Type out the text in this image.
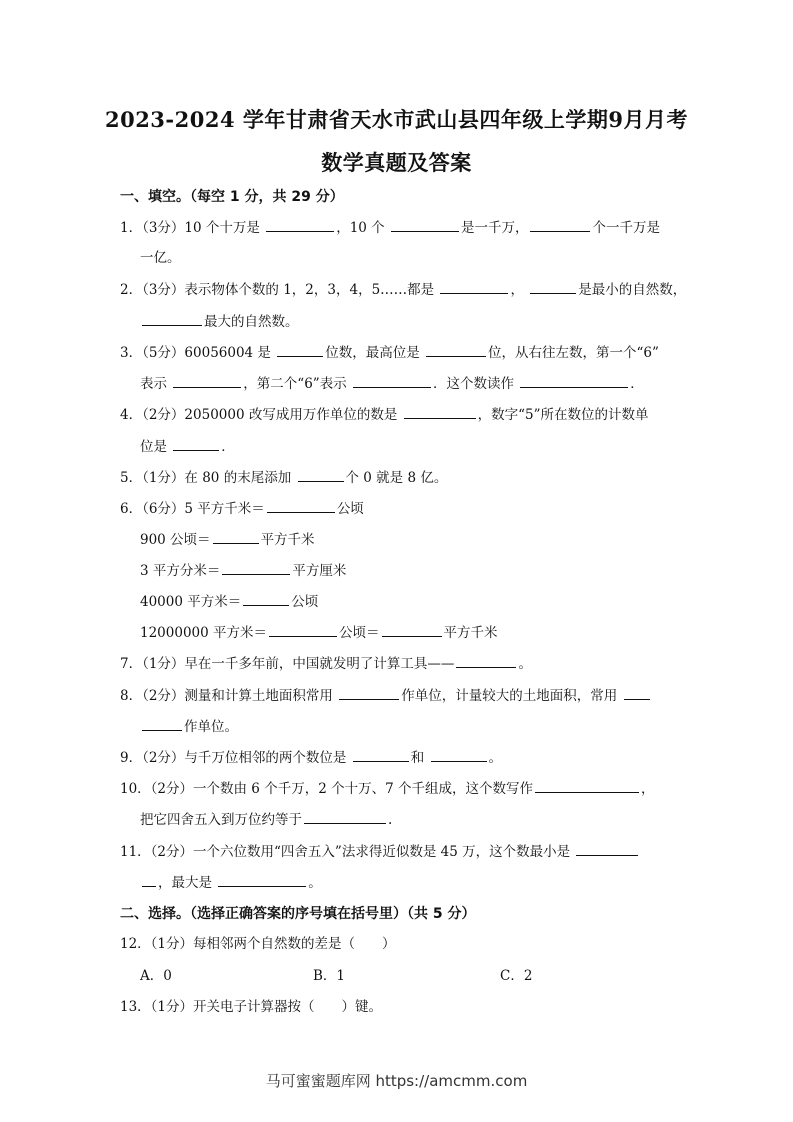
2023-2024 学年甘肃省天水市武山县四年级上学期9月月考
数学真题及答案
一、填空。（每空 1 分，共 29 分）
1．（3分）10 个十万是	，10 个	是一千万，	个一千万是
一亿。
2．（3分）表示物体个数的 1，2，3，4，5……都是	，	是最小的自然数，
最大的自然数。
3．（5分）60056004 是	位数，最高位是	位，从右往左数，第一个“6”
表示	，第二个“6”表示	．这个数读作	．
4．（2分）2050000 改写成用万作单位的数是	，数字“5”所在数位的计数单
位是	．
5．（1分）在 80 的末尾添加	个 0 就是 8 亿。
6．（6分）5 平方千米＝	公顷
900 公顷＝	平方千米
3 平方分米＝	平方厘米
40000 平方米＝	公顷
12000000 平方米＝	公顷＝	平方千米
7．（1分）早在一千多年前，中国就发明了计算工具——	。
8．（2分）测量和计算土地面积常用	作单位，计量较大的土地面积，常用
作单位。
9．（2分）与千万位相邻的两个数位是	和	。
10．（2分）一个数由 6 个千万，2 个十万、7 个千组成，这个数写作	，
把它四舍五入到万位约等于	.
11．（2分）一个六位数用“四舍五入”法求得近似数是 45 万，这个数最小是
，最大是	。
二、选择。（选择正确答案的序号填在括号里）（共 5 分）
12．（1分）每相邻两个自然数的差是（　　）
A．0	B．1	C．2
13．（1分）开关电子计算器按（　　）键。
马可蜜蜜题库网 https://amcmm.com
